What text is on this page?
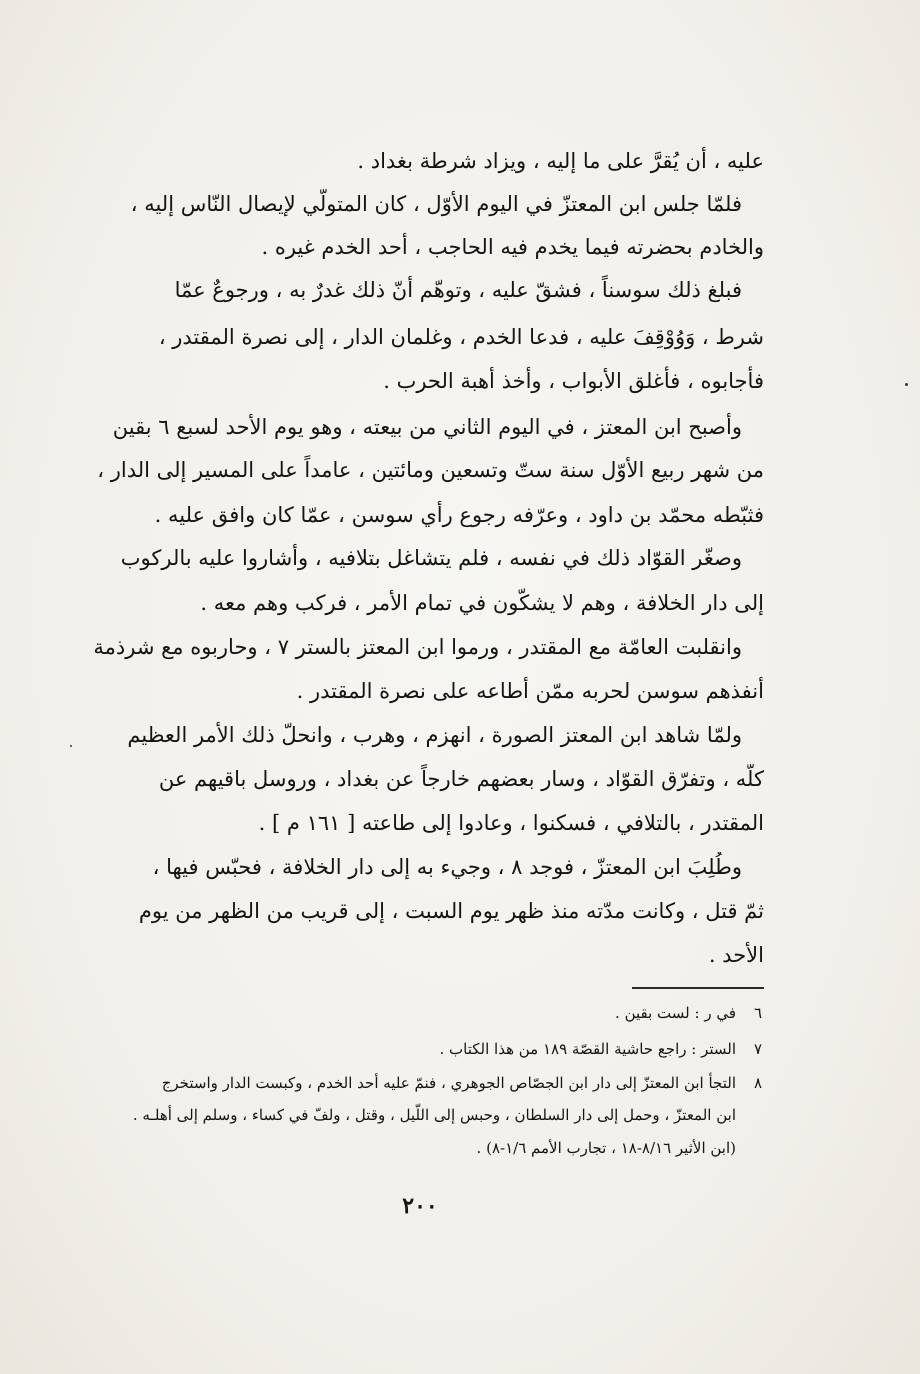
عليه ، أن يُقرَّ على ما إليه ، ويزاد شرطة بغداد .
فلمّا جلس ابن المعتزّ في اليوم الأوّل ، كان المتولّي لإيصال النّاس إليه ،
والخادم بحضرته فيما يخدم فيه الحاجب ، أحد الخدم غيره .
فبلغ ذلك سوسناً ، فشقّ عليه ، وتوهّم أنّ ذلك غدرٌ به ، ورجوعٌ عمّا
شرط ، وَوُوْقِفَ عليه ، فدعا الخدم ، وغلمان الدار ، إلى نصرة المقتدر ،
فأجابوه ، فأغلق الأبواب ، وأخذ أهبة الحرب .
وأصبح ابن المعتز ، في اليوم الثاني من بيعته ، وهو يوم الأحد لسبع ٦ بقين
من شهر ربيع الأوّل سنة ستّ وتسعين ومائتين ، عامداً على المسير إلى الدار ،
فثبّطه محمّد بن داود ، وعرّفه رجوع رأي سوسن ، عمّا كان وافق عليه .
وصغّر القوّاد ذلك في نفسه ، فلم يتشاغل بتلافيه ، وأشاروا عليه بالركوب
إلى دار الخلافة ، وهم لا يشكّون في تمام الأمر ، فركب وهم معه .
وانقلبت العامّة مع المقتدر ، ورموا ابن المعتز بالستر ٧ ، وحاربوه مع شرذمة
أنفذهم سوسن لحربه ممّن أطاعه على نصرة المقتدر .
ولمّا شاهد ابن المعتز الصورة ، انهزم ، وهرب ، وانحلّ ذلك الأمر العظيم
كلّه ، وتفرّق القوّاد ، وسار بعضهم خارجاً عن بغداد ، وروسل باقيهم عن
المقتدر ، بالتلافي ، فسكنوا ، وعادوا إلى طاعته [ ١٦١ م ] .
وطُلِبَ ابن المعتزّ ، فوجد ٨ ، وجيء به إلى دار الخلافة ، فحبّس فيها ،
ثمّ قتل ، وكانت مدّته منذ ظهر يوم السبت ، إلى قريب من الظهر من يوم
الأحد .
٦
في ر : لست بقين .
٧
الستر : راجع حاشية القصّة ١٨٩ من هذا الكتاب .
٨
التجأ ابن المعتزّ إلى دار ابن الجصّاص الجوهري ، فنمّ عليه أحد الخدم ، وكبست الدار واستخرج
ابن المعتزّ ، وحمل إلى دار السلطان ، وحبس إلى اللّيل ، وقتل ، ولفّ في كساء ، وسلم إلى أهلـه .
(ابن الأثير ٨/١٦-١٨ ، تجارب الأمم ١/٦-٨) .
٢٠٠
